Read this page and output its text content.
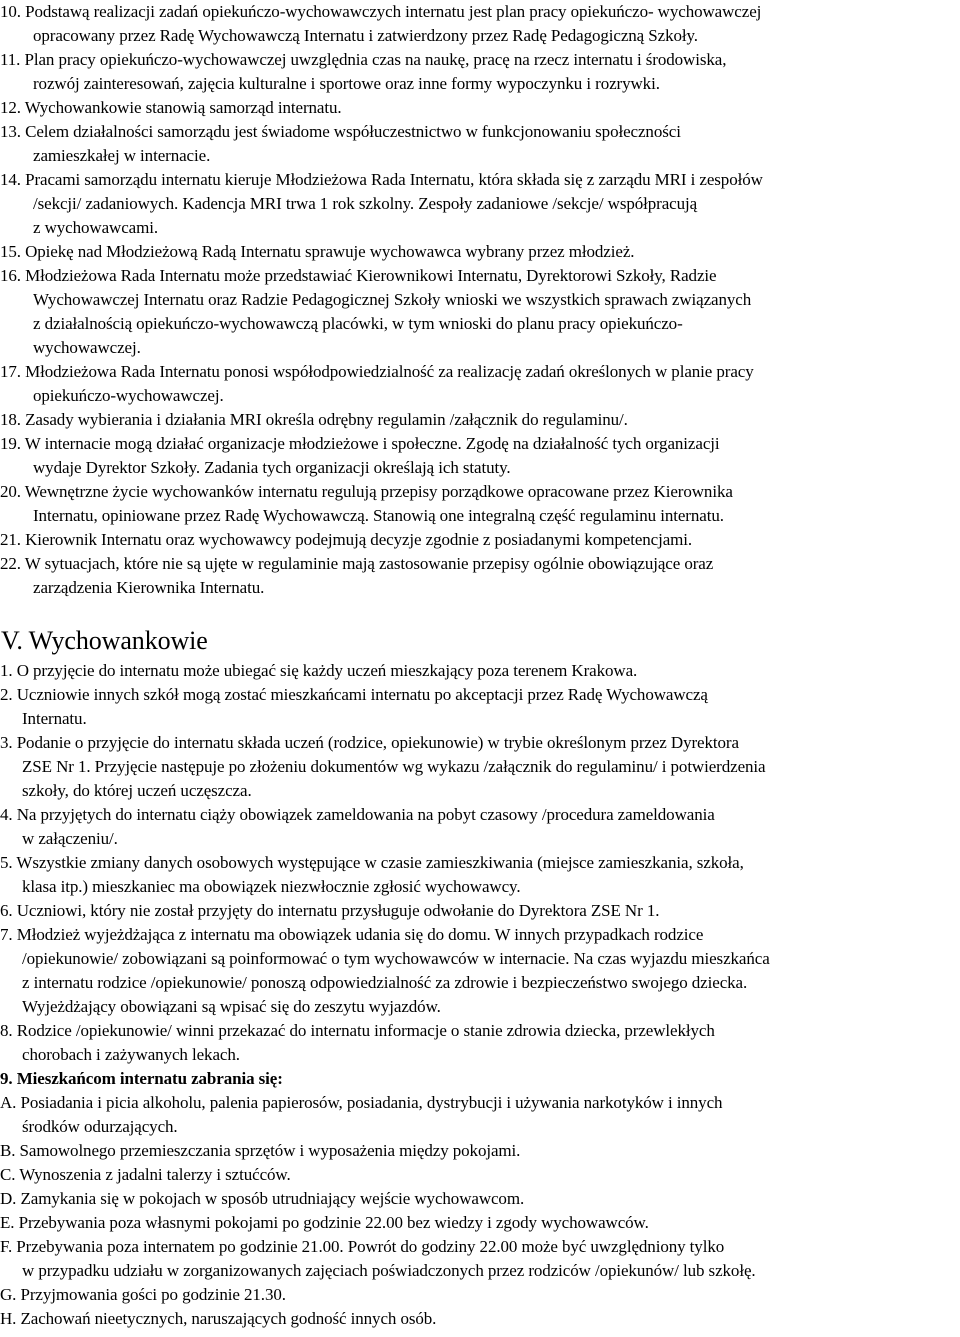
10. Podstawą realizacji zadań opiekuńczo-wychowawczych internatu jest plan pracy opiekuńczo- wychowawczej
opracowany przez Radę Wychowawczą Internatu i zatwierdzony przez Radę Pedagogiczną Szkoły.
11. Plan pracy opiekuńczo-wychowawczej uwzględnia czas na naukę, pracę na rzecz internatu i środowiska,
rozwój zainteresowań, zajęcia kulturalne i sportowe oraz inne formy wypoczynku i rozrywki.
12. Wychowankowie stanowią samorząd internatu.
13. Celem działalności samorządu jest świadome współuczestnictwo w funkcjonowaniu społeczności
zamieszkałej w internacie.
14. Pracami samorządu internatu kieruje Młodzieżowa Rada Internatu, która składa się z zarządu MRI i zespołów
/sekcji/ zadaniowych. Kadencja MRI trwa 1 rok szkolny. Zespoły zadaniowe /sekcje/ współpracują
z wychowawcami.
15. Opiekę nad Młodzieżową Radą Internatu sprawuje wychowawca wybrany przez młodzież.
16. Młodzieżowa Rada Internatu może przedstawiać Kierownikowi Internatu, Dyrektorowi Szkoły, Radzie
Wychowawczej Internatu oraz Radzie Pedagogicznej Szkoły wnioski we wszystkich sprawach związanych
z działalnością opiekuńczo-wychowawczą placówki, w tym wnioski do planu pracy opiekuńczo-
wychowawczej.
17. Młodzieżowa Rada Internatu ponosi współodpowiedzialność za realizację zadań określonych w planie pracy
opiekuńczo-wychowawczej.
18. Zasady wybierania i działania MRI określa odrębny regulamin /załącznik do regulaminu/.
19. W internacie mogą działać organizacje młodzieżowe i społeczne. Zgodę na działalność tych organizacji
wydaje Dyrektor Szkoły. Zadania tych organizacji określają ich statuty.
20. Wewnętrzne życie wychowanków internatu regulują przepisy porządkowe opracowane przez Kierownika
Internatu, opiniowane przez Radę Wychowawczą. Stanowią one integralną część regulaminu internatu.
21. Kierownik Internatu oraz wychowawcy podejmują decyzje zgodnie z posiadanymi kompetencjami.
22. W sytuacjach, które nie są ujęte w regulaminie mają zastosowanie przepisy ogólnie obowiązujące oraz
zarządzenia Kierownika Internatu.
V. Wychowankowie
1. O przyjęcie do internatu może ubiegać się każdy uczeń mieszkający poza terenem Krakowa.
2. Uczniowie innych szkół mogą zostać mieszkańcami internatu po akceptacji przez Radę Wychowawczą
Internatu.
3. Podanie o przyjęcie do internatu składa uczeń (rodzice, opiekunowie) w trybie określonym przez Dyrektora
ZSE Nr 1. Przyjęcie następuje po złożeniu dokumentów wg wykazu /załącznik do regulaminu/ i potwierdzenia
szkoły, do której uczeń uczęszcza.
4. Na przyjętych do internatu ciąży obowiązek zameldowania na pobyt czasowy /procedura zameldowania
w załączeniu/.
5. Wszystkie zmiany danych osobowych występujące w czasie zamieszkiwania (miejsce zamieszkania, szkoła,
klasa itp.) mieszkaniec ma obowiązek niezwłocznie zgłosić wychowawcy.
6. Uczniowi, który nie został przyjęty do internatu przysługuje odwołanie do Dyrektora ZSE Nr 1.
7. Młodzież wyjeżdżająca z internatu ma obowiązek udania się do domu. W innych przypadkach rodzice
/opiekunowie/ zobowiązani są poinformować o tym wychowawców w internacie. Na czas wyjazdu mieszkańca
z internatu rodzice /opiekunowie/ ponoszą odpowiedzialność za zdrowie i bezpieczeństwo swojego dziecka.
Wyjeżdżający obowiązani są wpisać się do zeszytu wyjazdów.
8. Rodzice /opiekunowie/ winni przekazać do internatu informacje o stanie zdrowia dziecka, przewlekłych
chorobach i zażywanych lekach.
9. Mieszkańcom internatu zabrania się:
A. Posiadania i picia alkoholu, palenia papierosów, posiadania, dystrybucji i używania narkotyków i innych
środków odurzających.
B. Samowolnego przemieszczania sprzętów i wyposażenia między pokojami.
C. Wynoszenia z jadalni talerzy i sztućców.
D. Zamykania się w pokojach w sposób utrudniający wejście wychowawcom.
E. Przebywania poza własnymi pokojami po godzinie 22.00 bez wiedzy i zgody wychowawców.
F. Przebywania poza internatem po godzinie 21.00. Powrót do godziny 22.00 może być uwzględniony tylko
w przypadku udziału w zorganizowanych zajęciach poświadczonych przez rodziców /opiekunów/ lub szkołę.
G. Przyjmowania gości po godzinie 21.30.
H. Zachowań nieetycznych, naruszających godność innych osób.
